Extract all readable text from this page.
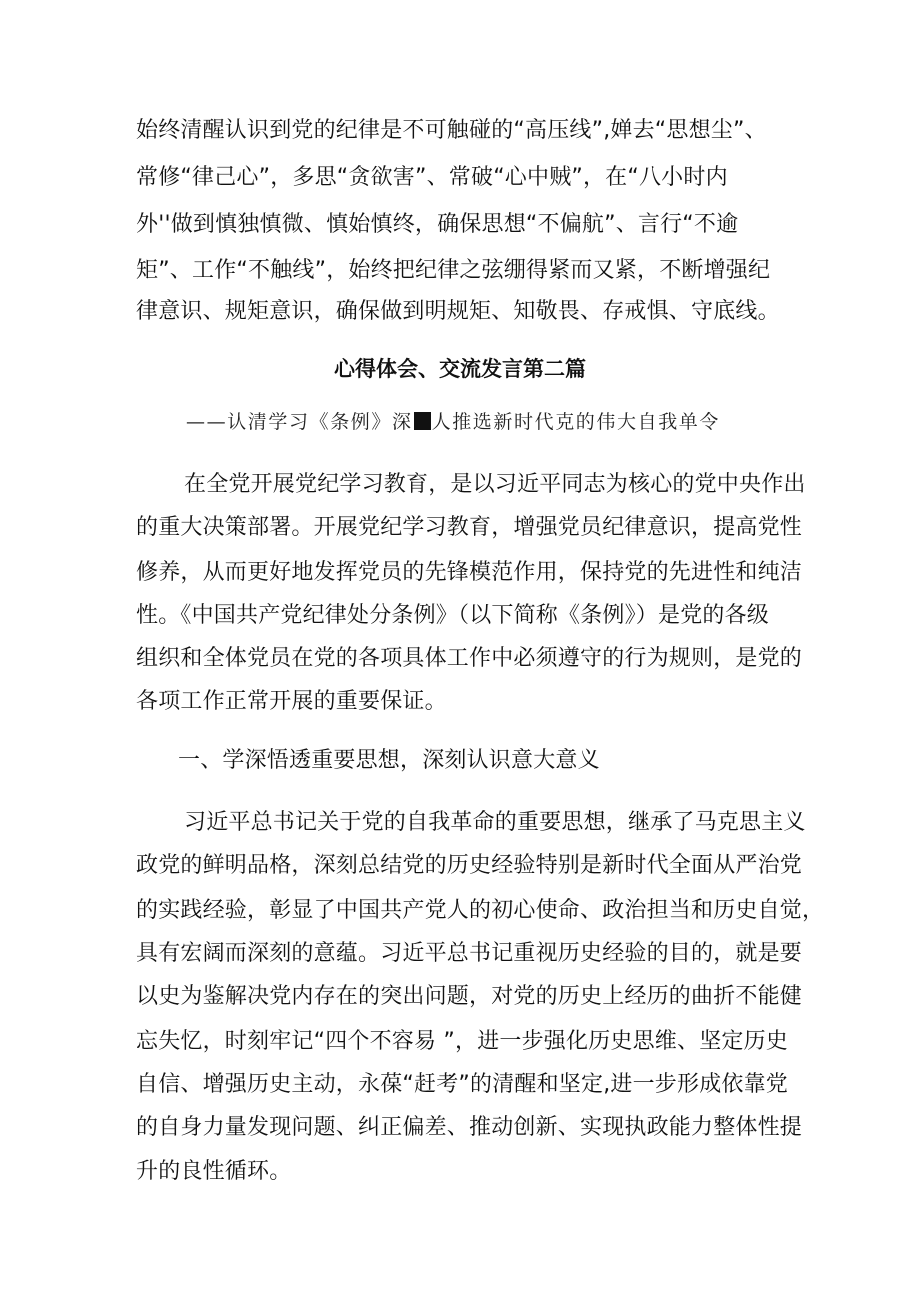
始终清醒认识到党的纪律是不可触碰的“高压线”,婵去“思想尘”、
常修“律己心”，多思“贪欲害”、常破“心中贼”，在“八小时内
外''做到慎独慎微、慎始慎终，确保思想“不偏航”、言行“不逾
矩”、工作“不触线”，始终把纪律之弦绷得紧而又紧，不断增强纪
律意识、规矩意识，确保做到明规矩、知敬畏、存戒惧、守底线。
心得体会、交流发言第二篇
——认清学习《条例》深 人推选新时代克的伟大自我单令
在全党开展党纪学习教育，是以习近平同志为核心的党中央作出
的重大决策部署。开展党纪学习教育，增强党员纪律意识，提高党性
修养，从而更好地发挥党员的先锋模范作用，保持党的先进性和纯洁
性。《中国共产党纪律处分条例》（以下简称《条例》）是党的各级
组织和全体党员在党的各项具体工作中必须遵守的行为规则，是党的
各项工作正常开展的重要保证。
一、学深悟透重要思想，深刻认识意大意义
习近平总书记关于党的自我革命的重要思想，继承了马克思主义
政党的鲜明品格，深刻总结党的历史经验特别是新时代全面从严治党
的实践经验，彰显了中国共产党人的初心使命、政治担当和历史自觉，
具有宏阔而深刻的意蕴。习近平总书记重视历史经验的目的，就是要
以史为鉴解决党内存在的突出问题，对党的历史上经历的曲折不能健
忘失忆，时刻牢记“四个不容易 ”，进一步强化历史思维、坚定历史
自信、增强历史主动，永葆“赶考”的清醒和坚定,进一步形成依靠党
的自身力量发现问题、纠正偏差、推动创新、实现执政能力整体性提
升的良性循环。
